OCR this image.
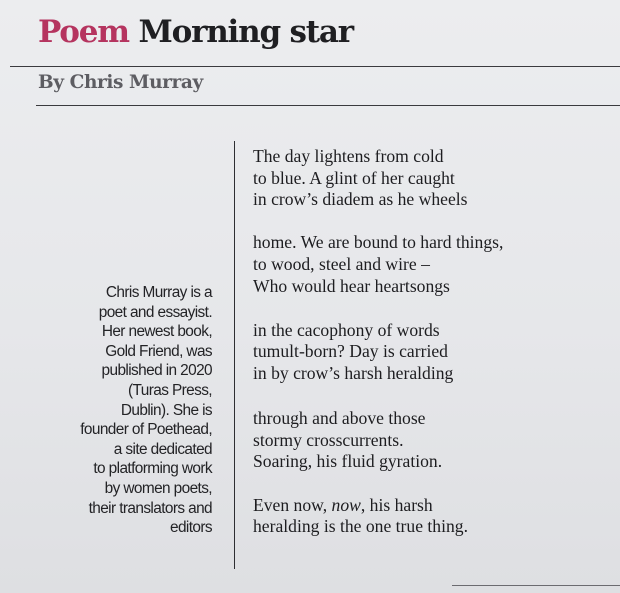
Poem Morning star

By Chris Murray

Chris Murray is a
poet and essayist.
Her newest book,
Gold Friend, was
published in 2020
(Turas Press,
Dublin). She is
founder of Poethead,
a site dedicated
to platforming work
by women poets,
their translators and
editors
The day lightens from cold
to blue. A glint of her caught
in crow’s diadem as he wheels
home. We are bound to hard things,
to wood, steel and wire –
Who would hear heartsongs
in the cacophony of words
tumult-born? Day is carried
in by crow’s harsh heralding
through and above those
stormy crosscurrents.
Soaring, his fluid gyration.
Even now, now, his harsh
heralding is the one true thing.
